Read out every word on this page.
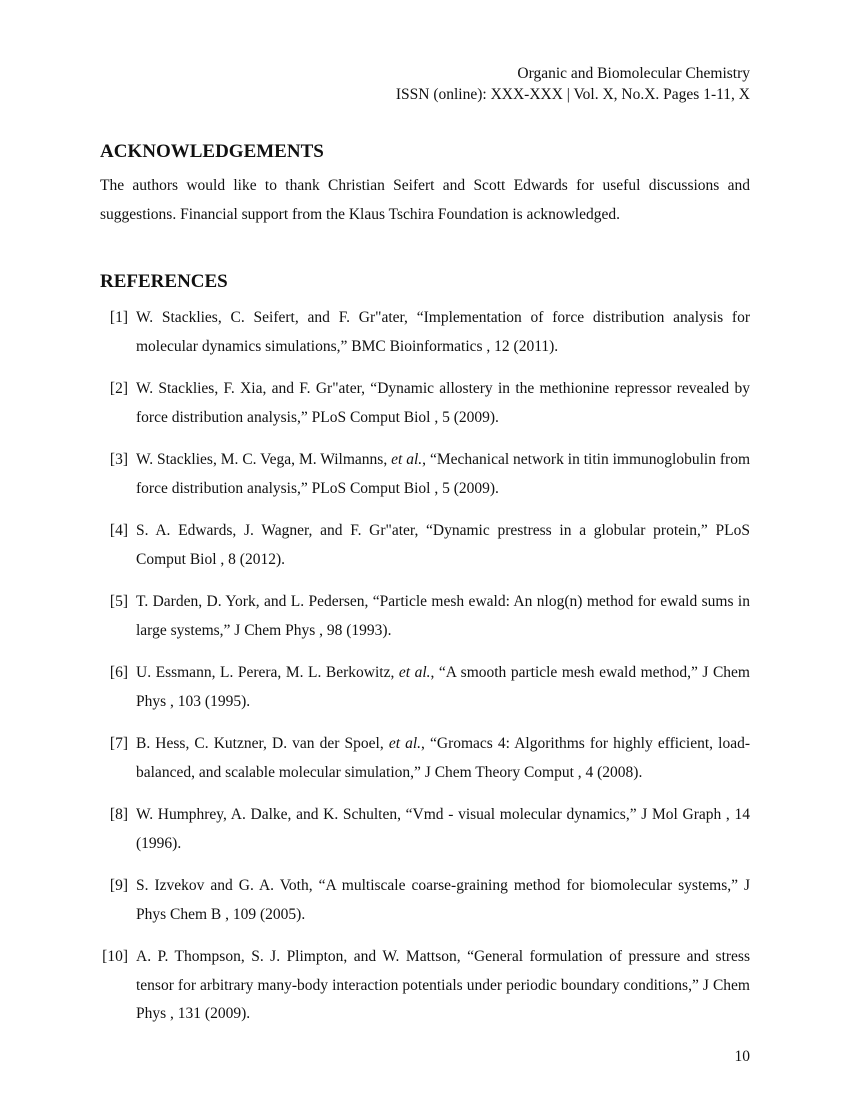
Organic and Biomolecular Chemistry
ISSN (online): XXX-XXX | Vol. X, No.X. Pages 1-11, X
ACKNOWLEDGEMENTS

The authors would like to thank Christian Seifert and Scott Edwards for useful discussions and suggestions. Financial support from the Klaus Tschira Foundation is acknowledged.

REFERENCES
[1] W. Stacklies, C. Seifert, and F. Gr"ater, “Implementation of force distribution analysis for molecular dynamics simulations,” BMC Bioinformatics , 12 (2011).
[2] W. Stacklies, F. Xia, and F. Gr"ater, “Dynamic allostery in the methionine repressor revealed by force distribution analysis,” PLoS Comput Biol , 5 (2009).
[3] W. Stacklies, M. C. Vega, M. Wilmanns, et al., “Mechanical network in titin immunoglobulin from force distribution analysis,” PLoS Comput Biol , 5 (2009).
[4] S. A. Edwards, J. Wagner, and F. Gr"ater, “Dynamic prestress in a globular protein,” PLoS Comput Biol , 8 (2012).
[5] T. Darden, D. York, and L. Pedersen, “Particle mesh ewald: An nlog(n) method for ewald sums in large systems,” J Chem Phys , 98 (1993).
[6] U. Essmann, L. Perera, M. L. Berkowitz, et al., “A smooth particle mesh ewald method,” J Chem Phys , 103 (1995).
[7] B. Hess, C. Kutzner, D. van der Spoel, et al., “Gromacs 4: Algorithms for highly efficient, load-balanced, and scalable molecular simulation,” J Chem Theory Comput , 4 (2008).
[8] W. Humphrey, A. Dalke, and K. Schulten, “Vmd - visual molecular dynamics,” J Mol Graph , 14 (1996).
[9] S. Izvekov and G. A. Voth, “A multiscale coarse-graining method for biomolecular systems,” J Phys Chem B , 109 (2005).
[10] A. P. Thompson, S. J. Plimpton, and W. Mattson, “General formulation of pressure and stress tensor for arbitrary many-body interaction potentials under periodic boundary conditions,” J Chem Phys , 131 (2009).
10
